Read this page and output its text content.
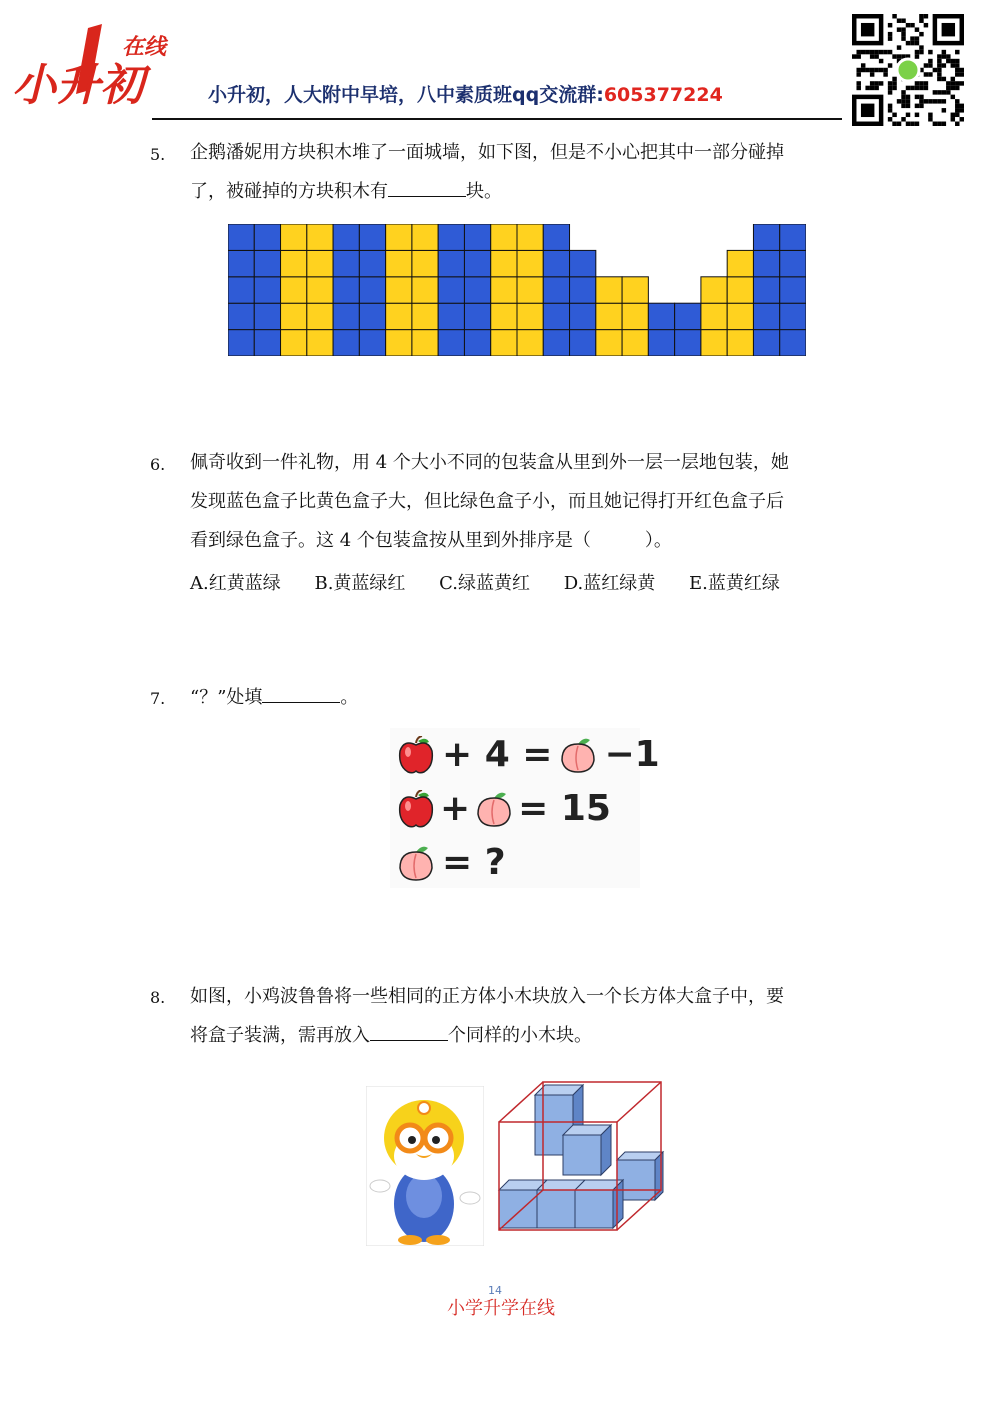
在线
小升初	小升初，人大附中早培，八中素质班qq交流群:605377224
5. 企鹅潘妮用方块积木堆了一面城墙，如下图，但是不小心把其中一部分碰掉
了，被碰掉的方块积木有	块。
6. 佩奇收到一件礼物，用 4 个大小不同的包装盒从里到外一层一层地包装，她
发现蓝色盒子比黄色盒子大，但比绿色盒子小，而且她记得打开红色盒子后
看到绿色盒子。这 4 个包装盒按从里到外排序是（　　　）。
A.红黄蓝绿 B.黄蓝绿红 C.绿蓝黄红 D.蓝红绿黄 E.蓝黄红绿
7. “？”处填	。
+ 4 = −1
+ = 15
= ?
8. 如图，小鸡波鲁鲁将一些相同的正方体小木块放入一个长方体大盒子中，要
将盒子装满，需再放入	个同样的小木块。
14
小学升学在线
